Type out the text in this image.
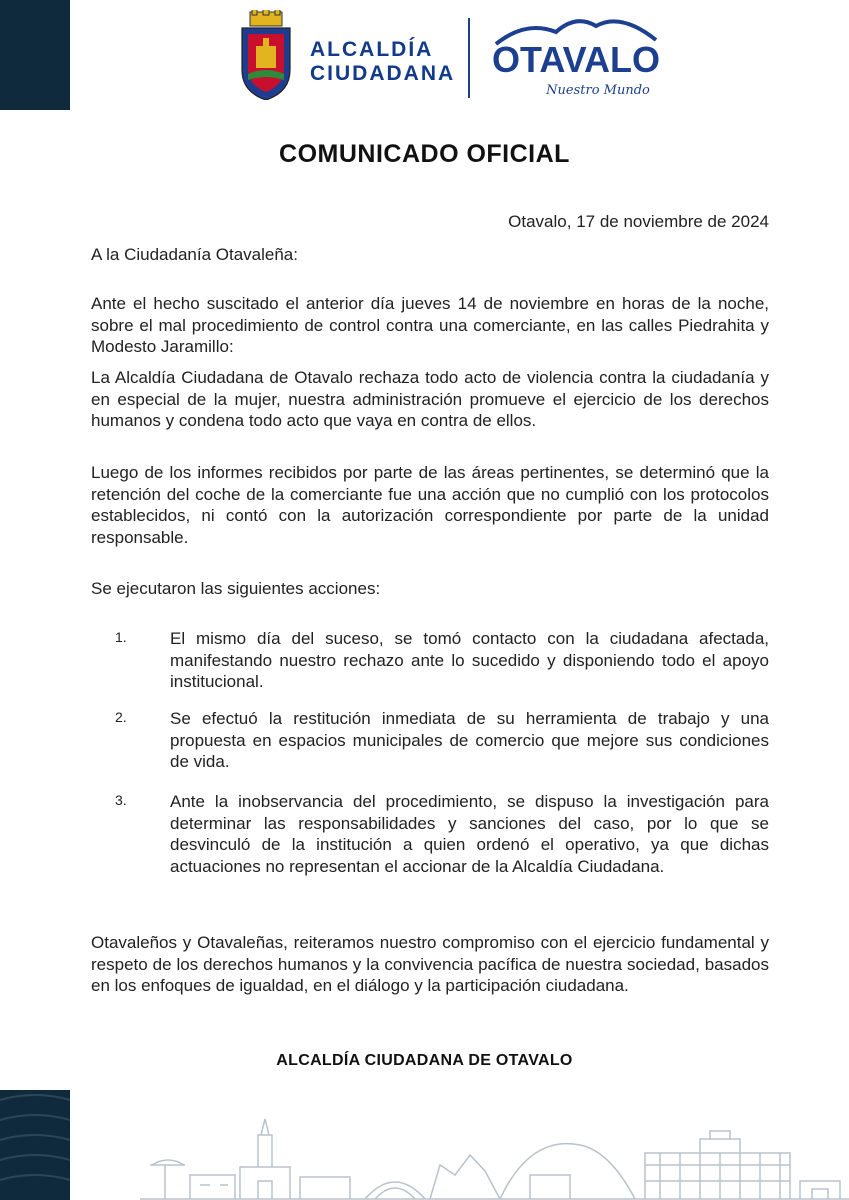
ALCALDÍA
CIUDADANA OTAVALO
Nuestro Mundo
COMUNICADO OFICIAL
Otavalo, 17 de noviembre de 2024
A la Ciudadanía Otavaleña:

Ante el hecho suscitado el anterior día jueves 14 de noviembre en horas de la noche, sobre el mal procedimiento de control contra una comerciante, en las calles Piedrahita y Modesto Jaramillo:

La Alcaldía Ciudadana de Otavalo rechaza todo acto de violencia contra la ciudadanía y en especial de la mujer, nuestra administración promueve el ejercicio de los derechos humanos y condena todo acto que vaya en contra de ellos.

Luego de los informes recibidos por parte de las áreas pertinentes, se determinó que la retención del coche de la comerciante fue una acción que no cumplió con los protocolos establecidos, ni contó con la autorización correspondiente por parte de la unidad responsable.

Se ejecutaron las siguientes acciones:

1.	El mismo día del suceso, se tomó contacto con la ciudadana afectada, manifestando nuestro rechazo ante lo sucedido y disponiendo todo el apoyo institucional.

2.	Se efectuó la restitución inmediata de su herramienta de trabajo y una propuesta en espacios municipales de comercio que mejore sus condiciones de vida.

3.	Ante la inobservancia del procedimiento, se dispuso la investigación para determinar las responsabilidades y sanciones del caso, por lo que se desvinculó de la institución a quien ordenó el operativo, ya que dichas actuaciones no representan el accionar de la Alcaldía Ciudadana.

Otavaleños y Otavaleñas, reiteramos nuestro compromiso con el ejercicio fundamental y respeto de los derechos humanos y la convivencia pacífica de nuestra sociedad, basados en los enfoques de igualdad, en el diálogo y la participación ciudadana.

ALCALDÍA CIUDADANA DE OTAVALO
